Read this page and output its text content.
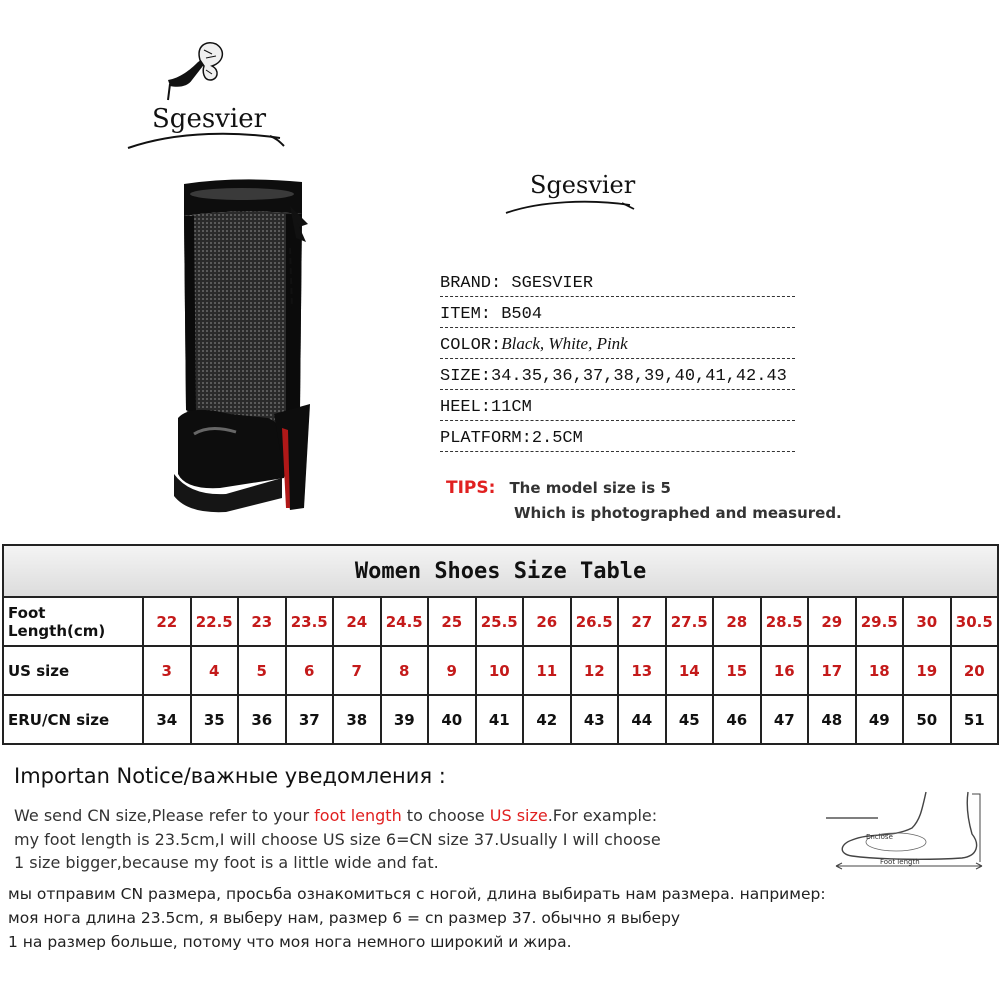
Sgesvier
Sgesvier
BRAND: SGESVIER
ITEM: B504
COLOR:Black, White, Pink
SIZE:34.35,36,37,38,39,40,41,42.43
HEEL:11CM
PLATFORM:2.5CM
TIPS: The model size is 5
Which is photographed and measured.
Women Shoes Size Table																		
Foot Length(cm)	22	22.5	23	23.5	24	24.5	25	25.5	26	26.5	27	27.5	28	28.5	29	29.5	30	30.5
US size	3	4	5	6	7	8	9	10	11	12	13	14	15	16	17	18	19	20
ERU/CN size	34	35	36	37	38	39	40	41	42	43	44	45	46	47	48	49	50	51
Importan Notice/важные уведомления :
We send CN size,Please refer to your foot length to choose US size.For example:
my foot length is 23.5cm,I will choose US size 6=CN size 37.Usually I will choose
1 size bigger,because my foot is a little wide and fat.
мы отправим CN размера, просьба ознакомиться с ногой, длина выбирать нам размера. например:
моя нога длина 23.5cm, я выберу нам, размер 6 = cn размер 37. обычно я выберу
1 на размер больше, потому что моя нога немного широкий и жира.
Enclose
Foot length
